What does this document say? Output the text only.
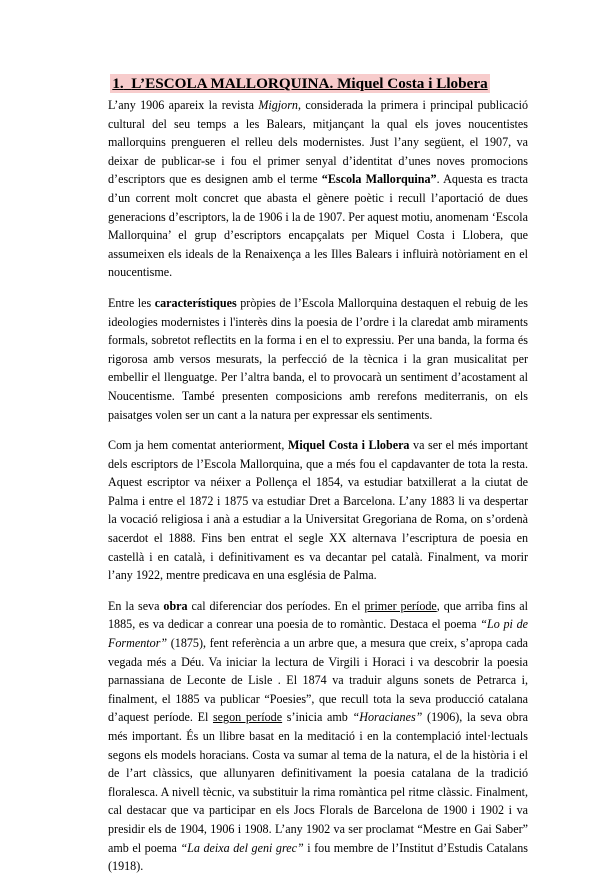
1. L’ESCOLA MALLORQUINA. Miquel Costa i Llobera

L’any 1906 apareix la revista Migjorn, considerada la primera i principal publicació cultural del seu temps a les Balears, mitjançant la qual els joves noucentistes mallorquins prengueren el relleu dels modernistes. Just l’any següent, el 1907, va deixar de publicar-se i fou el primer senyal d’identitat d’unes noves promocions d’escriptors que es designen amb el terme “Escola Mallorquina”. Aquesta es tracta d’un corrent molt concret que abasta el gènere poètic i recull l’aportació de dues generacions d’escriptors, la de 1906 i la de 1907. Per aquest motiu, anomenam ‘Escola Mallorquina’ el grup d’escriptors encapçalats per Miquel Costa i Llobera, que assumeixen els ideals de la Renaixença a les Illes Balears i influirà notòriament en el noucentisme.

Entre les característiques pròpies de l’Escola Mallorquina destaquen el rebuig de les ideologies modernistes i l'interès dins la poesia de l’ordre i la claredat amb miraments formals, sobretot reflectits en la forma i en el to expressiu. Per una banda, la forma és rigorosa amb versos mesurats, la perfecció de la tècnica i la gran musicalitat per embellir el llenguatge. Per l’altra banda, el to provocarà un sentiment d’acostament al Noucentisme. També presenten composicions amb rerefons mediterranis, on els paisatges volen ser un cant a la natura per expressar els sentiments.

Com ja hem comentat anteriorment, Miquel Costa i Llobera va ser el més important dels escriptors de l’Escola Mallorquina, que a més fou el capdavanter de tota la resta. Aquest escriptor va néixer a Pollença el 1854, va estudiar batxillerat a la ciutat de Palma i entre el 1872 i 1875 va estudiar Dret a Barcelona. L’any 1883 li va despertar la vocació religiosa i anà a estudiar a la Universitat Gregoriana de Roma, on s’ordenà sacerdot el 1888. Fins ben entrat el segle XX alternava l’escriptura de poesia en castellà i en català, i definitivament es va decantar pel català. Finalment, va morir l’any 1922, mentre predicava en una església de Palma.

En la seva obra cal diferenciar dos períodes. En el primer període, que arriba fins al 1885, es va dedicar a conrear una poesia de to romàntic. Destaca el poema “Lo pi de Formentor” (1875), fent referència a un arbre que, a mesura que creix, s’apropa cada vegada més a Déu. Va iniciar la lectura de Virgili i Horaci i va descobrir la poesia parnassiana de Leconte de Lisle . El 1874 va traduir alguns sonets de Petrarca i, finalment, el 1885 va publicar “Poesies”, que recull tota la seva producció catalana d’aquest període. El segon període s’inicia amb “Horacianes” (1906), la seva obra més important. És un llibre basat en la meditació i en la contemplació intel·lectuals segons els models horacians. Costa va sumar al tema de la natura, el de la història i el de l’art clàssics, que allunyaren definitivament la poesia catalana de la tradició floralesca. A nivell tècnic, va substituir la rima romàntica pel ritme clàssic. Finalment, cal destacar que va participar en els Jocs Florals de Barcelona de 1900 i 1902 i va presidir els de 1904, 1906 i 1908. L’any 1902 va ser proclamat “Mestre en Gai Saber” amb el poema “La deixa del geni grec” i fou membre de l’Institut d’Estudis Catalans (1918).
